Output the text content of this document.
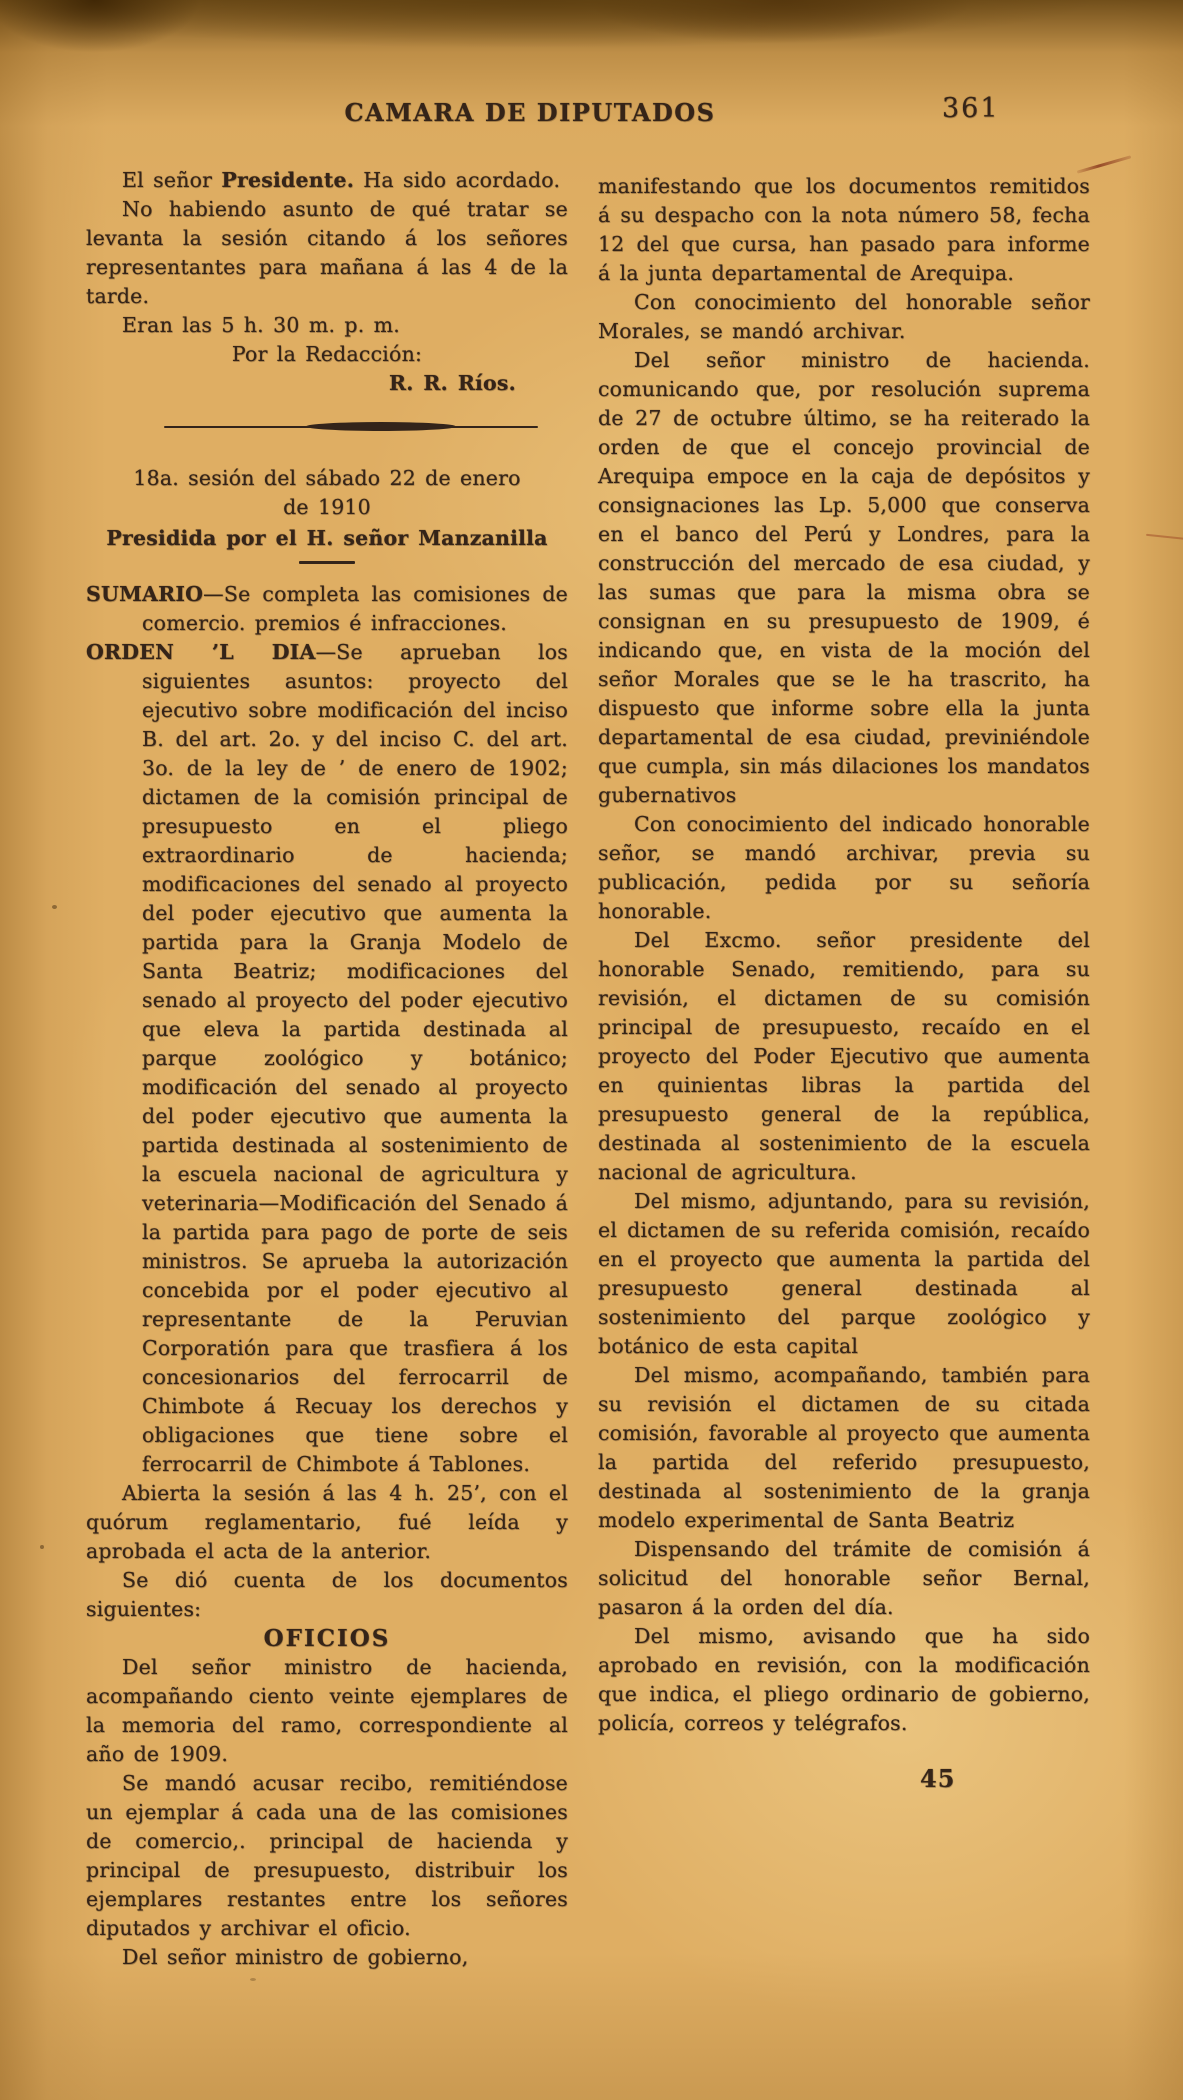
CAMARA DE DIPUTADOS	361

El señor Presidente. Ha sido acordado.

No habiendo asunto de qué tratar se levanta la sesión citando á los señores representantes para mañana á las 4 de la tarde.

Eran las 5 h. 30 m. p. m.

Por la Redacción:

R. R. Ríos.

18a. sesión del sábado 22 de enero
de 1910
Presidida por el H. señor Manzanilla

SUMARIO—Se completa las comisiones de comercio. premios é infracciones.

ORDEN ’L DIA—Se aprueban los siguientes asuntos: proyecto del ejecutivo sobre modificación del inciso B. del art. 2o. y del inciso C. del art. 3o. de la ley de ’ de enero de 1902; dictamen de la comisión principal de presupuesto en el pliego extraordinario de hacienda; modificaciones del senado al proyecto del poder ejecutivo que aumenta la partida para la Granja Modelo de Santa Beatriz; modificaciones del senado al proyecto del poder ejecutivo que eleva la partida destinada al parque zoológico y botánico; modificación del senado al proyecto del poder ejecutivo que aumenta la partida destinada al sostenimiento de la escuela nacional de agricultura y veterinaria—Modificación del Senado á la partida para pago de porte de seis ministros. Se aprueba la autorización concebida por el poder ejecutivo al representante de la Peruvian Corporatión para que trasfiera á los concesionarios del ferrocarril de Chimbote á Recuay los derechos y obligaciones que tiene sobre el ferrocarril de Chimbote á Tablones.

Abierta la sesión á las 4 h. 25’, con el quórum reglamentario, fué leída y aprobada el acta de la anterior.

Se dió cuenta de los documentos siguientes:

OFICIOS

Del señor ministro de hacienda, acompañando ciento veinte ejemplares de la memoria del ramo, correspondiente al año de 1909.

Se mandó acusar recibo, remitiéndose un ejemplar á cada una de las comisiones de comercio,. principal de hacienda y principal de presupuesto, distribuir los ejemplares restantes entre los señores diputados y archivar el oficio.

Del señor ministro de gobierno,

manifestando que los documentos remitidos á su despacho con la nota número 58, fecha 12 del que cursa, han pasado para informe á la junta departamental de Arequipa.

Con conocimiento del honorable señor Morales, se mandó archivar.

Del señor ministro de hacienda. comunicando que, por resolución suprema de 27 de octubre último, se ha reiterado la orden de que el concejo provincial de Arequipa empoce en la caja de depósitos y consignaciones las Lp. 5,000 que conserva en el banco del Perú y Londres, para la construcción del mercado de esa ciudad, y las sumas que para la misma obra se consignan en su presupuesto de 1909, é indicando que, en vista de la moción del señor Morales que se le ha trascrito, ha dispuesto que informe sobre ella la junta departamental de esa ciudad, previniéndole que cumpla, sin más dilaciones los mandatos gubernativos

Con conocimiento del indicado honorable señor, se mandó archivar, previa su publicación, pedida por su señoría honorable.

Del Excmo. señor presidente del honorable Senado, remitiendo, para su revisión, el dictamen de su comisión principal de presupuesto, recaído en el proyecto del Poder Ejecutivo que aumenta en quinientas libras la partida del presupuesto general de la república, destinada al sostenimiento de la escuela nacional de agricultura.

Del mismo, adjuntando, para su revisión, el dictamen de su referida comisión, recaído en el proyecto que aumenta la partida del presupuesto general destinada al sostenimiento del parque zoológico y botánico de esta capital

Del mismo, acompañando, también para su revisión el dictamen de su citada comisión, favorable al proyecto que aumenta la partida del referido presupuesto, destinada al sostenimiento de la granja modelo experimental de Santa Beatriz

Dispensando del trámite de comisión á solicitud del honorable señor Bernal, pasaron á la orden del día.

Del mismo, avisando que ha sido aprobado en revisión, con la modificación que indica, el pliego ordinario de gobierno, policía, correos y telégrafos.

45
